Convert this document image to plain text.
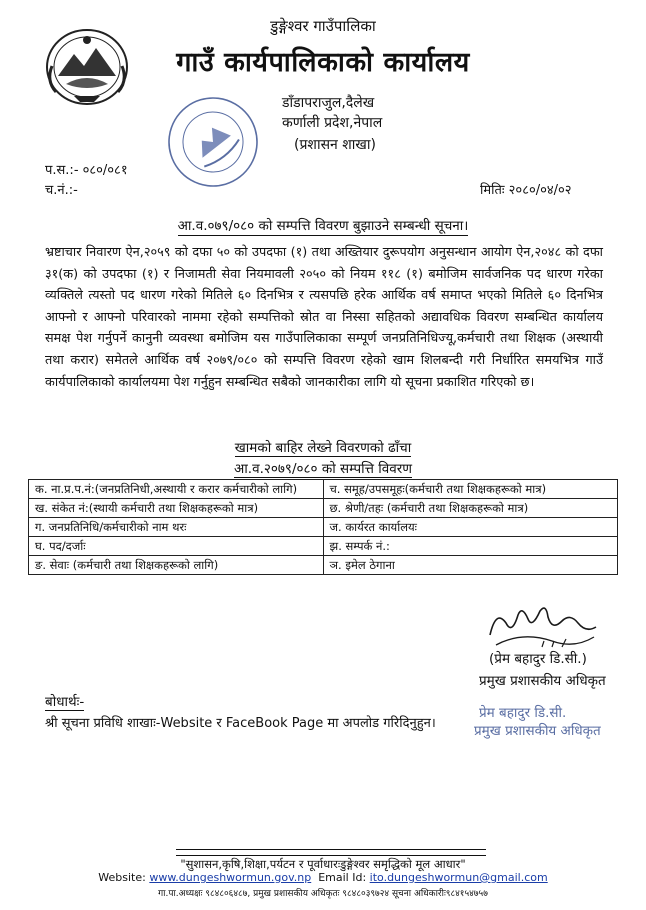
डुङ्गेश्वर गाउँपालिका
गाउँ कार्यपालिकाको कार्यालय
डाँडापराजुल,दैलेख
कर्णाली प्रदेश,नेपाल
(प्रशासन शाखा)
प.स.:- ०८०/०८१
च.नं.:-	मितिः २०८०/०४/०२
आ.व.०७९/०८० को सम्पत्ति विवरण बुझाउने सम्बन्धी सूचना।
भ्रष्टाचार निवारण ऐन,२०५९ को दफा ५० को उपदफा (१) तथा अख्तियार दुरूपयोग अनुसन्धान आयोग ऐन,२०४८ को दफा ३१(क) को उपदफा (१) र निजामती सेवा नियमावली २०५० को नियम ११८ (१) बमोजिम सार्वजनिक पद धारण गरेका व्यक्तिले त्यस्तो पद धारण गरेको मितिले ६० दिनभित्र र त्यसपछि हरेक आर्थिक वर्ष समाप्त भएको मितिले ६० दिनभित्र आफ्नो र आफ्नो परिवारको नाममा रहेको सम्पत्तिको स्रोत वा निस्सा सहितको अद्यावधिक विवरण सम्बन्धित कार्यालय समक्ष पेश गर्नुपर्ने कानुनी व्यवस्था बमोजिम यस गाउँपालिकाका सम्पूर्ण जनप्रतिनिधिज्यू,कर्मचारी तथा शिक्षक (अस्थायी तथा करार) समेतले आर्थिक वर्ष २०७९/०८० को सम्पत्ति विवरण रहेको खाम शिलबन्दी गरी निर्धारित समयभित्र गाउँ कार्यपालिकाको कार्यालयमा पेश गर्नुहुन सम्बन्धित सबैको जानकारीका लागि यो सूचना प्रकाशित गरिएको छ।
खामको बाहिर लेख्ने विवरणको ढाँचा
आ.व.२०७९/०८० को सम्पत्ति विवरण
क. ना.प्र.प.नं:(जनप्रतिनिधी,अस्थायी र करार कर्मचारीको लागि)	च. समूह/उपसमूहः(कर्मचारी तथा शिक्षकहरूको मात्र)
ख. संकेत नं:(स्थायी कर्मचारी तथा शिक्षकहरूको मात्र)	छ. श्रेणी/तहः (कर्मचारी तथा शिक्षकहरूको मात्र)
ग. जनप्रतिनिधि/कर्मचारीको नाम थरः	ज. कार्यरत कार्यालयः
घ. पद/दर्जाः	झ. सम्पर्क नं.:
ङ. सेवाः (कर्मचारी तथा शिक्षकहरूको लागि)	ञ. इमेल ठेगाना
(प्रेम बहादुर डि.सी.)
प्रमुख प्रशासकीय अधिकृत
बोधार्थः-
श्री सूचना प्रविधि शाखाः-Website र FaceBook Page मा अपलोड गरिदिनुहुन।
प्रेम बहादुर डि.सी.
प्रमुख प्रशासकीय अधिकृत
"सुशासन,कृषि,शिक्षा,पर्यटन र पूर्वाधारःडुङ्गेश्वर समृद्धिको मूल आधार"
Website: www.dungeshwormun.gov.np Email Id: ito.dungeshwormun@gmail.com
गा.पा.अध्यक्षः ९८४८०६४८७, प्रमुख प्रशासकीय अधिकृतः ९८४८०३९७२४ सूचना अधिकारीः९८४१५४७५७
